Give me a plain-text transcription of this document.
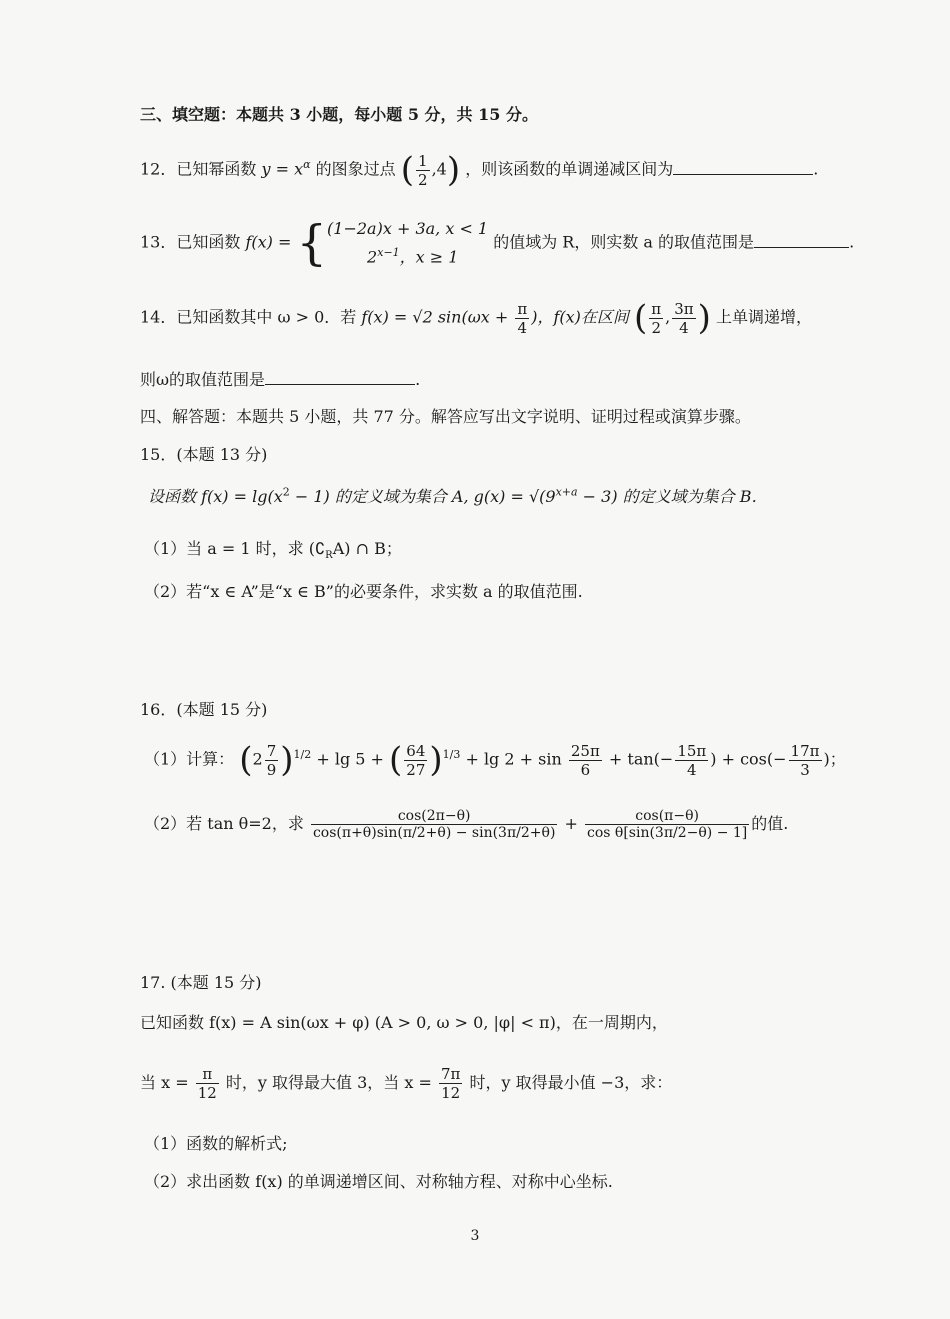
三、填空题：本题共 3 小题，每小题 5 分，共 15 分。
12．已知幂函数 $y = x^\alpha$ 的图象过点 ( $\frac{1}{2} ,4$) ，则该函数的单调递减区间为	.
13．已知函数 f(x) = { (1−2a)x + 3a, x < 1
$2^{x-1}$，x ≥ 1
的值域为 R，则实数 a 的取值范围是	.
14．已知函数其中 ω > 0．若 f(x) = √2 $\sin(\omega x + \frac{\pi}{4}$ )，f(x)在区间 ( $\frac{\pi}{2}$ , $\frac{3\pi}{4}$ ) 上单调递增，
则ω的取值范围是	.
四、解答题：本题共 5 小题，共 77 分。解答应写出文字说明、证明过程或演算步骤。
15．(本题 13 分)
设函数 $f(x) = \lg(x^2 - 1)$ 的定义域为集合 A, $g(x) = √(9^{x+a} - 3)$ 的定义域为集合 B．
（1）当 a = 1 时，求 $(∁_RA)$ ∩ B；
（2）若“x ∈ A”是“x ∈ B”的必要条件，求实数 a 的取值范围.
16．(本题 15 分)
（1）计算： $(2 \frac{7}{9} )^{1/2} + \lg 5$ + ( $\frac{64}{27} )^{1/3} + \lg 2 + \sin \frac{25\pi}{6} + \tan(- \frac{15\pi}{4}$ ) + $\cos(- \frac{17\pi}{3}$ )；
（2）若 tan θ=2，求 $\frac{\cos(2\pi-\theta)}{\cos(\pi+\theta)\sin(\pi/2+\theta) - \sin(3\pi/2+\theta)} + \frac{\cos(\pi-\theta)}{\text{cos θ[sin(3π/2−θ) − 1]}}$ 的值.
17. (本题 15 分)
已知函数 f(x) = A sin(ωx + φ) (A > 0, ω > 0, |φ| < π)，在一周期内，
当 $x = \frac{\pi}{12}$ 时，y 取得最大值 3，当 $x = \frac{7\pi}{12}$ 时，y 取得最小值 −3，求：
（1）函数的解析式;
（2）求出函数 f(x) 的单调递增区间、对称轴方程、对称中心坐标.
3
